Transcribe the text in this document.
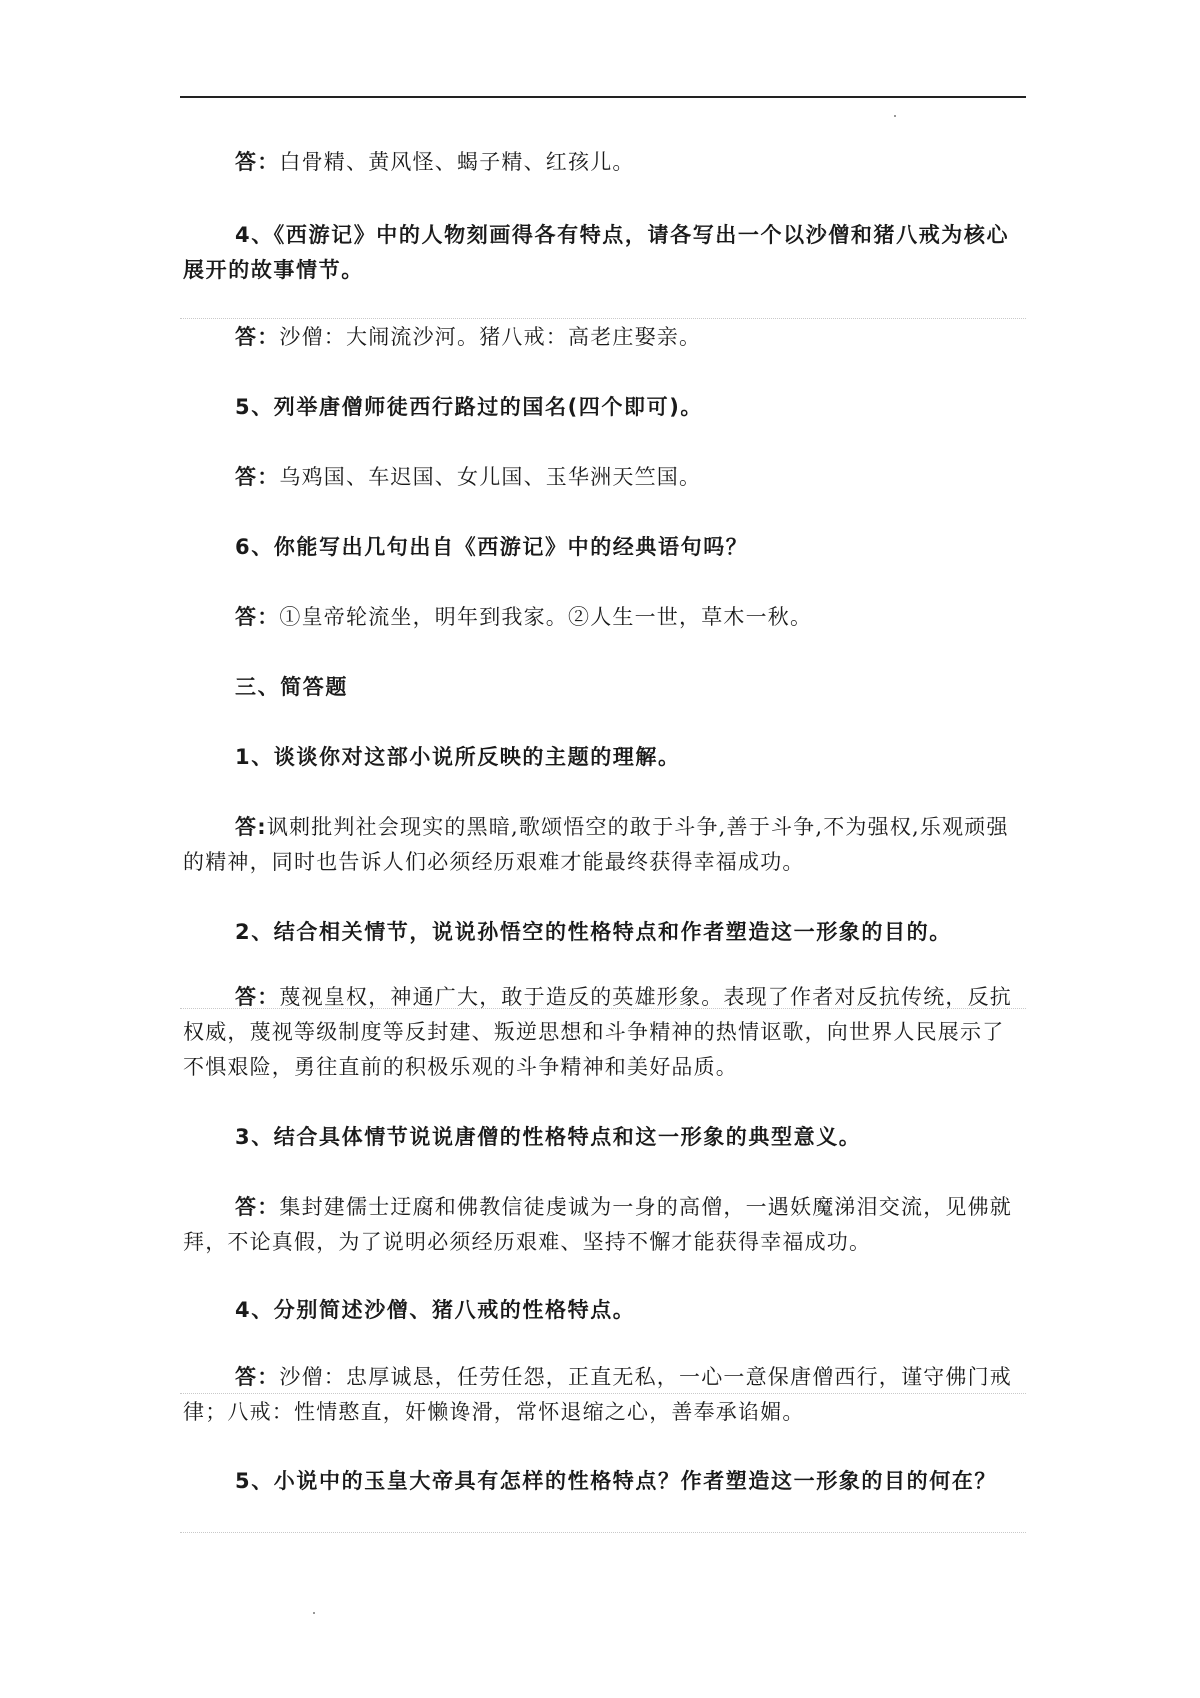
答：白骨精、黄风怪、蝎子精、红孩儿。

4、《西游记》中的人物刻画得各有特点，请各写出一个以沙僧和猪八戒为核心展开的故事情节。

答：沙僧：大闹流沙河。猪八戒：高老庄娶亲。

5、列举唐僧师徒西行路过的国名(四个即可)。

答：乌鸡国、车迟国、女儿国、玉华洲天竺国。

6、你能写出几句出自《西游记》中的经典语句吗？

答：①皇帝轮流坐，明年到我家。②人生一世，草木一秋。

三、简答题

1、谈谈你对这部小说所反映的主题的理解。

答:讽刺批判社会现实的黑暗,歌颂悟空的敢于斗争,善于斗争,不为强权,乐观顽强的精神，同时也告诉人们必须经历艰难才能最终获得幸福成功。

2、结合相关情节，说说孙悟空的性格特点和作者塑造这一形象的目的。

答：蔑视皇权，神通广大，敢于造反的英雄形象。表现了作者对反抗传统，反抗权威，蔑视等级制度等反封建、叛逆思想和斗争精神的热情讴歌，向世界人民展示了不惧艰险，勇往直前的积极乐观的斗争精神和美好品质。

3、结合具体情节说说唐僧的性格特点和这一形象的典型意义。

答：集封建儒士迂腐和佛教信徒虔诚为一身的高僧，一遇妖魔涕泪交流，见佛就拜，不论真假，为了说明必须经历艰难、坚持不懈才能获得幸福成功。

4、分别简述沙僧、猪八戒的性格特点。

答：沙僧：忠厚诚恳，任劳任怨，正直无私，一心一意保唐僧西行，谨守佛门戒律；八戒：性情憨直，奸懒谗滑，常怀退缩之心，善奉承谄媚。

5、小说中的玉皇大帝具有怎样的性格特点？作者塑造这一形象的目的何在？
